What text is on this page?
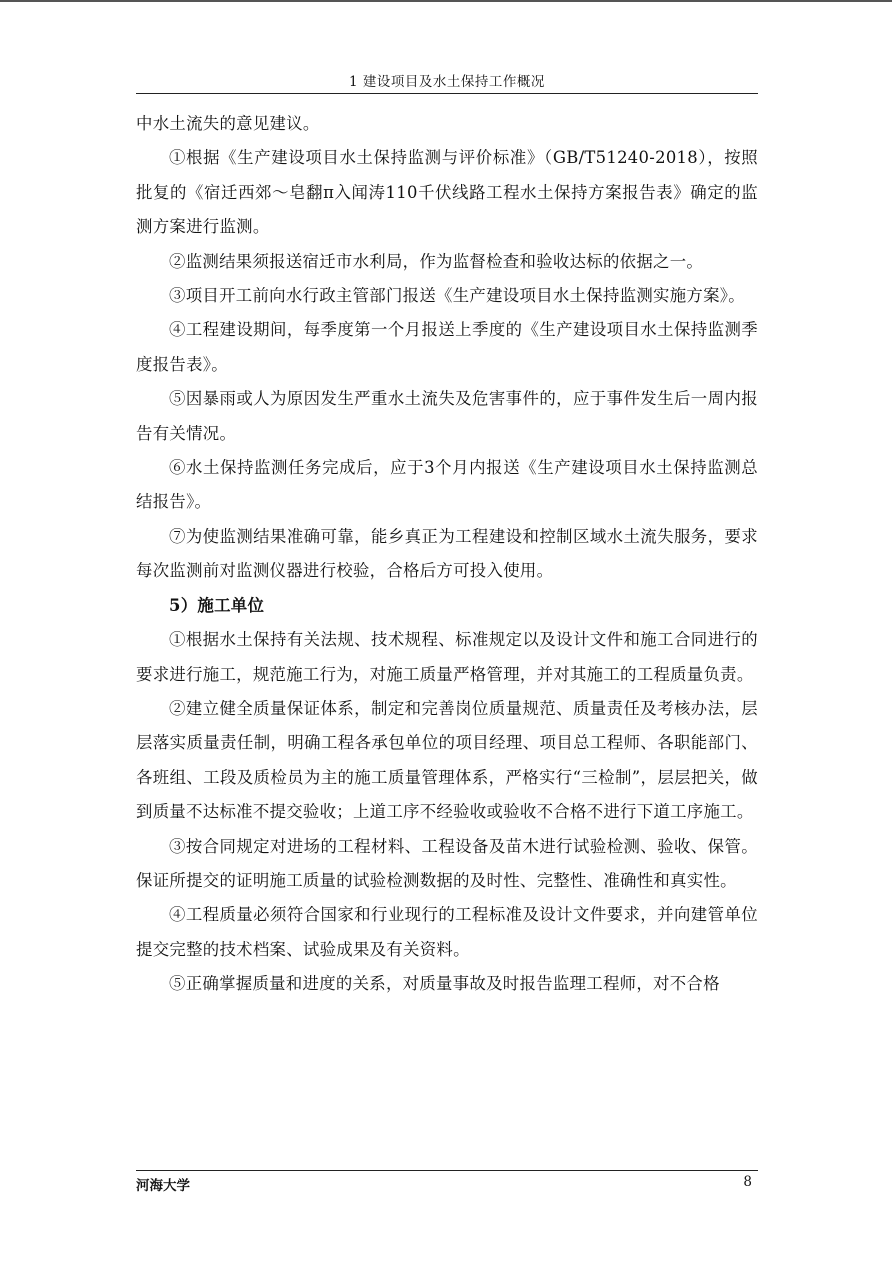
1 建设项目及水土保持工作概况

中水土流失的意见建议。

①根据《生产建设项目水土保持监测与评价标准》（GB/T51240-2018），按照批复的《宿迁西郊～皂翻π入闻涛110千伏线路工程水土保持方案报告表》确定的监测方案进行监测。

②监测结果须报送宿迁市水利局，作为监督检查和验收达标的依据之一。

③项目开工前向水行政主管部门报送《生产建设项目水土保持监测实施方案》。

④工程建设期间，每季度第一个月报送上季度的《生产建设项目水土保持监测季度报告表》。

⑤因暴雨或人为原因发生严重水土流失及危害事件的，应于事件发生后一周内报告有关情况。

⑥水土保持监测任务完成后，应于3个月内报送《生产建设项目水土保持监测总结报告》。

⑦为使监测结果准确可靠，能乡真正为工程建设和控制区域水土流失服务，要求每次监测前对监测仪器进行校验，合格后方可投入使用。

5）施工单位

①根据水土保持有关法规、技术规程、标准规定以及设计文件和施工合同进行的要求进行施工，规范施工行为，对施工质量严格管理，并对其施工的工程质量负责。

②建立健全质量保证体系，制定和完善岗位质量规范、质量责任及考核办法，层层落实质量责任制，明确工程各承包单位的项目经理、项目总工程师、各职能部门、各班组、工段及质检员为主的施工质量管理体系，严格实行“三检制”，层层把关，做到质量不达标准不提交验收；上道工序不经验收或验收不合格不进行下道工序施工。

③按合同规定对进场的工程材料、工程设备及苗木进行试验检测、验收、保管。保证所提交的证明施工质量的试验检测数据的及时性、完整性、准确性和真实性。

④工程质量必须符合国家和行业现行的工程标准及设计文件要求，并向建管单位提交完整的技术档案、试验成果及有关资料。

⑤正确掌握质量和进度的关系，对质量事故及时报告监理工程师，对不合格

河海大学	8
